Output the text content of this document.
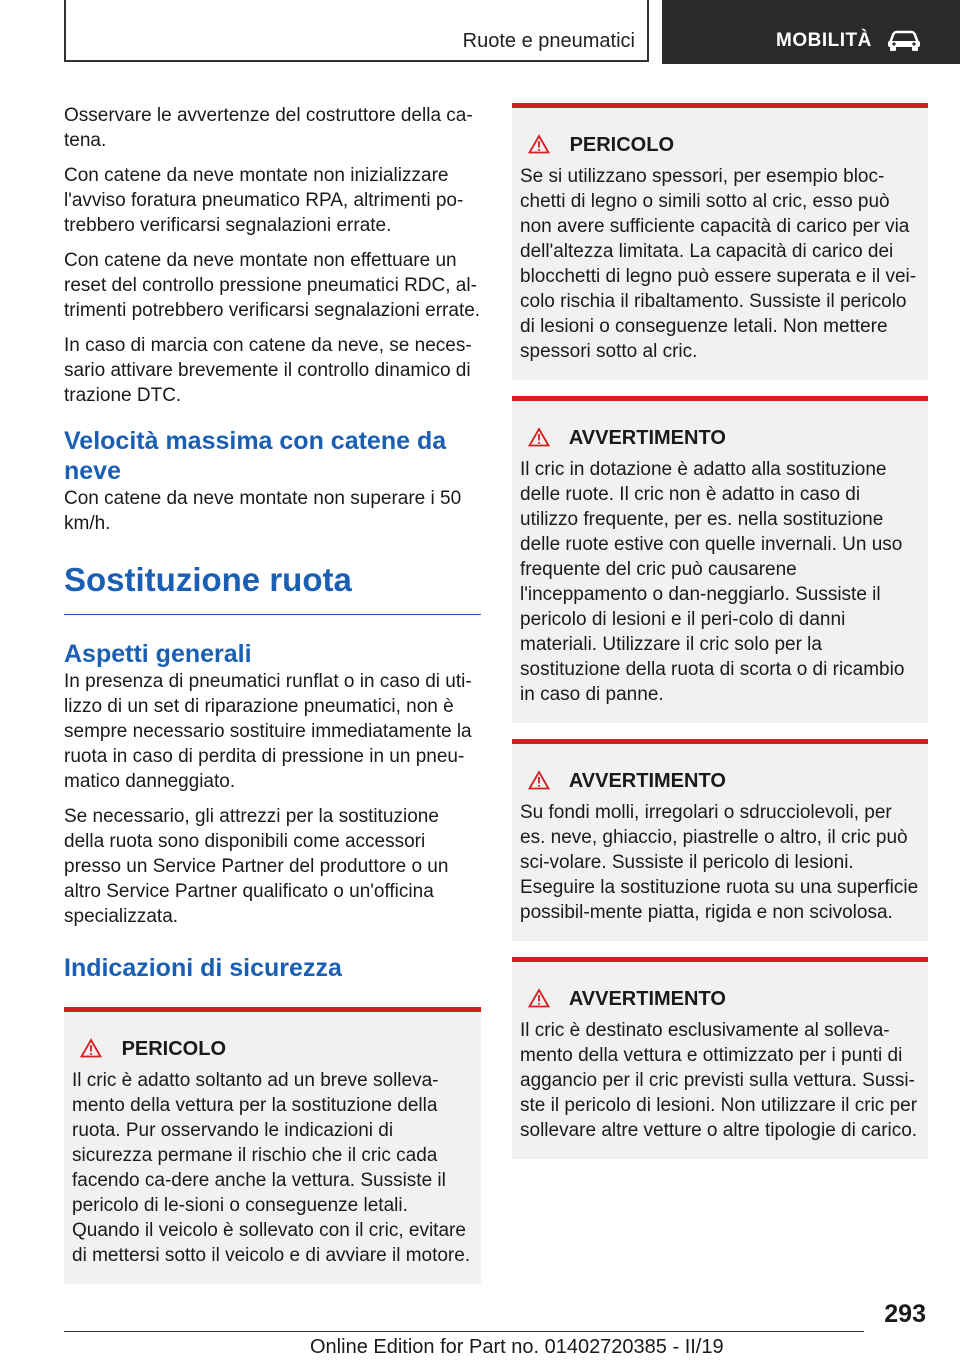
Ruote e pneumatici	MOBILITÀ

Osservare le avvertenze del costruttore della ca-tena.

Con catene da neve montate non inizializzare l'avviso foratura pneumatico RPA, altrimenti po-trebbero verificarsi segnalazioni errate.

Con catene da neve montate non effettuare un reset del controllo pressione pneumatici RDC, al-trimenti potrebbero verificarsi segnalazioni errate.

In caso di marcia con catene da neve, se neces-sario attivare brevemente il controllo dinamico di trazione DTC.

Velocità massima con catene da neve

Con catene da neve montate non superare i 50 km/h.

Sostituzione ruota
Aspetti generali

In presenza di pneumatici runflat o in caso di uti-lizzo di un set di riparazione pneumatici, non è sempre necessario sostituire immediatamente la ruota in caso di perdita di pressione in un pneu-matico danneggiato.

Se necessario, gli attrezzi per la sostituzione della ruota sono disponibili come accessori presso un Service Partner del produttore o un altro Service Partner qualificato o un'officina specializzata.

Indicazioni di sicurezza
PERICOLO

Il cric è adatto soltanto ad un breve solleva-mento della vettura per la sostituzione della ruota. Pur osservando le indicazioni di sicurezza permane il rischio che il cric cada facendo ca-dere anche la vettura. Sussiste il pericolo di le-sioni o conseguenze letali. Quando il veicolo è sollevato con il cric, evitare di mettersi sotto il veicolo e di avviare il motore.

PERICOLO

Se si utilizzano spessori, per esempio bloc-chetti di legno o simili sotto al cric, esso può non avere sufficiente capacità di carico per via dell'altezza limitata. La capacità di carico dei blocchetti di legno può essere superata e il vei-colo rischia il ribaltamento. Sussiste il pericolo di lesioni o conseguenze letali. Non mettere spessori sotto al cric.

AVVERTIMENTO

Il cric in dotazione è adatto alla sostituzione delle ruote. Il cric non è adatto in caso di utilizzo frequente, per es. nella sostituzione delle ruote estive con quelle invernali. Un uso frequente del cric può causarene l'inceppamento o dan-neggiarlo. Sussiste il pericolo di lesioni e il peri-colo di danni materiali. Utilizzare il cric solo per la sostituzione della ruota di scorta o di ricambio in caso di panne.

AVVERTIMENTO

Su fondi molli, irregolari o sdrucciolevoli, per es. neve, ghiaccio, piastrelle o altro, il cric può sci-volare. Sussiste il pericolo di lesioni. Eseguire la sostituzione ruota su una superficie possibil-mente piatta, rigida e non scivolosa.

AVVERTIMENTO

Il cric è destinato esclusivamente al solleva-mento della vettura e ottimizzato per i punti di aggancio per il cric previsti sulla vettura. Sussi-ste il pericolo di lesioni. Non utilizzare il cric per sollevare altre vetture o altre tipologie di carico.

293
Online Edition for Part no. 01402720385 - II/19
